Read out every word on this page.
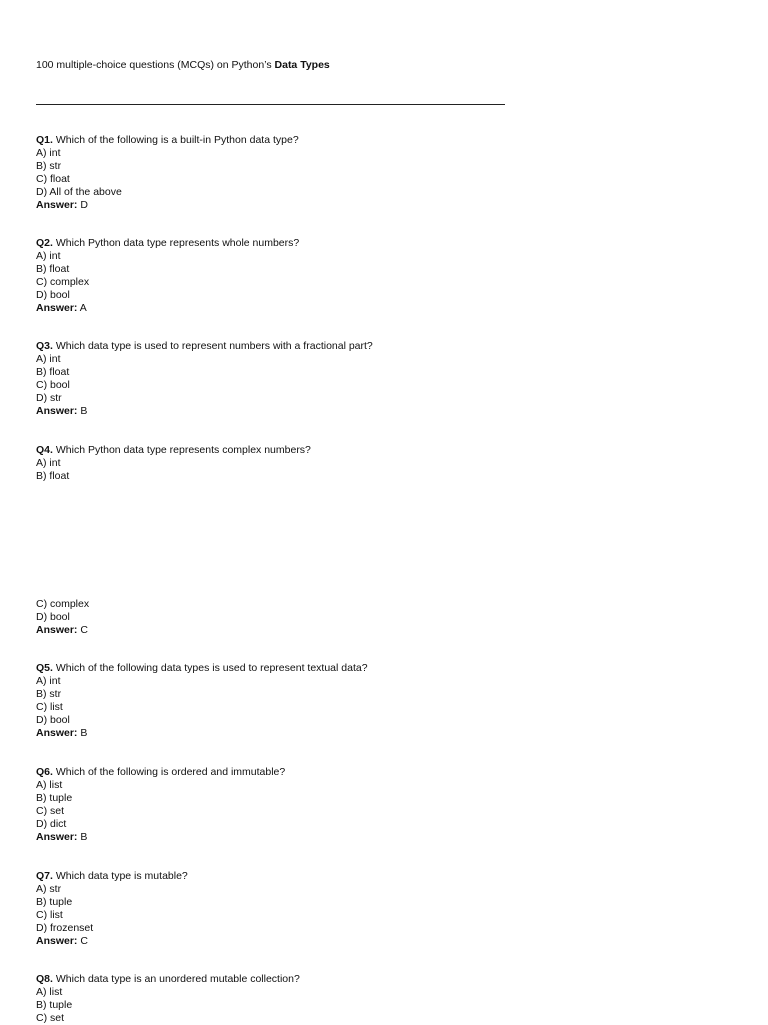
100 multiple-choice questions (MCQs) on Python’s Data Types
Q1. Which of the following is a built-in Python data type?
A) int
B) str
C) float
D) All of the above
Answer: D
Q2. Which Python data type represents whole numbers?
A) int
B) float
C) complex
D) bool
Answer: A
Q3. Which data type is used to represent numbers with a fractional part?
A) int
B) float
C) bool
D) str
Answer: B
Q4. Which Python data type represents complex numbers?
A) int
B) float
C) complex
D) bool
Answer: C
Q5. Which of the following data types is used to represent textual data?
A) int
B) str
C) list
D) bool
Answer: B
Q6. Which of the following is ordered and immutable?
A) list
B) tuple
C) set
D) dict
Answer: B
Q7. Which data type is mutable?
A) str
B) tuple
C) list
D) frozenset
Answer: C
Q8. Which data type is an unordered mutable collection?
A) list
B) tuple
C) set
